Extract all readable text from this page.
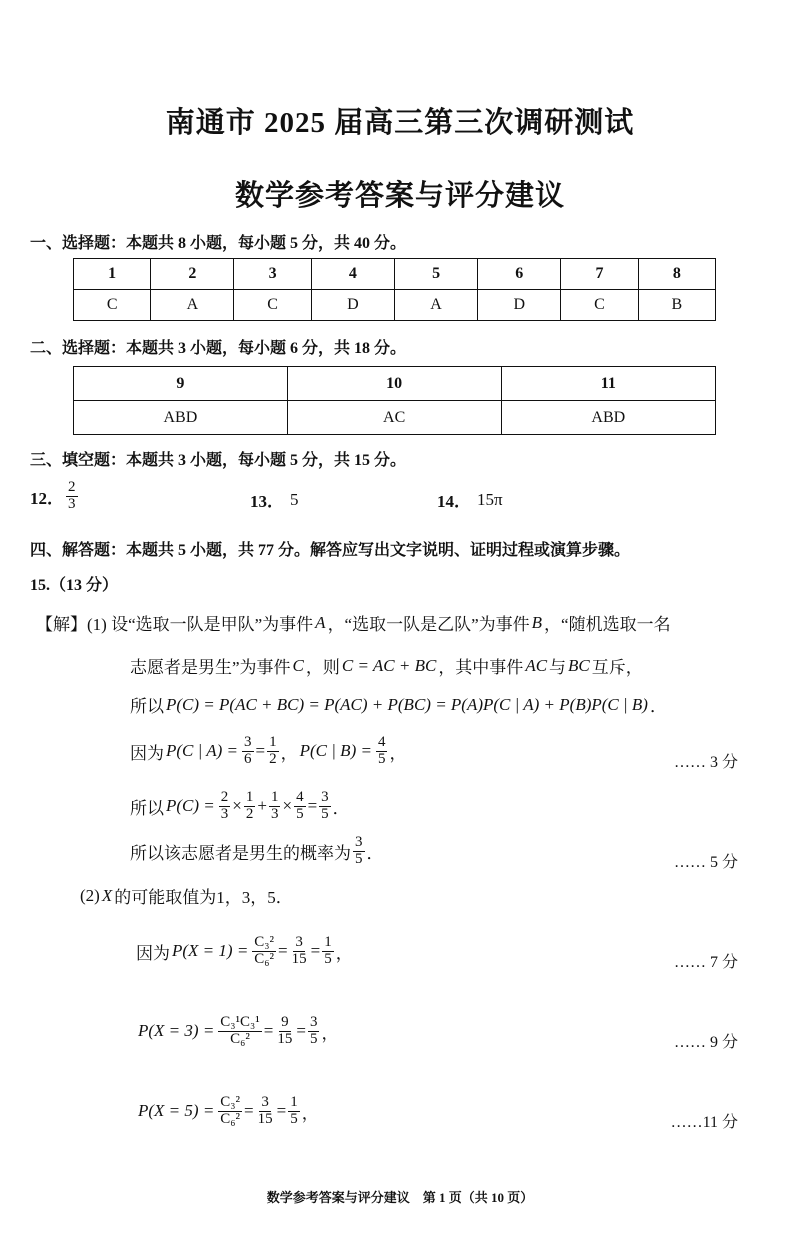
南通市 2025 届高三第三次调研测试
数学参考答案与评分建议
一、选择题：本题共 8 小题，每小题 5 分，共 40 分。
1	2	3	4	5	6	7	8
C	A	C	D	A	D	C	B
二、选择题：本题共 3 小题，每小题 6 分，共 18 分。
9	10	11
ABD	AC	ABD
三、填空题：本题共 3 小题，每小题 5 分，共 15 分。
12． $\frac{2}{3}$	13． 5	14． 15π
四、解答题：本题共 5 小题，共 77 分。解答应写出文字说明、证明过程或演算步骤。
15.（13 分）
【解】(1) 设“选取一队是甲队”为事件 A ，“选取一队是乙队”为事件 B ，“随机选取一名
志愿者是男生”为事件 C ，则 C = AC + BC ，其中事件 AC 与 BC 互斥，
所以 P(C) = P(AC + BC) = P(AC) + P(BC) = P(A)P(C | A) + P(B)P(C | B) ．
因为 P(C | $A) = \frac{3}{6} = \frac{1}{2}$ ， P(C | $B) = \frac{4}{5}$ ，	…… 3 分
所以 $P(C) = \frac{2}{3} \times \frac{1}{2} + \frac{1}{3} \times \frac{4}{5} = \frac{3}{5}$ ．
所以该志愿者是男生的概率为 $\frac{3}{5}$ ．	…… 5 分
(2) X 的可能取值为1，3，5．
因为 $P(X = 1) = \frac{\text{C₃²}}{\text{C₆²}} = \frac{3}{15} = \frac{1}{5}$ ，	…… 7 分
$P(X = 3) = \frac{\text{C₃¹C₃¹}}{\text{C₆²}} = \frac{9}{15} = \frac{3}{5}$ ，	…… 9 分
$P(X = 5) = \frac{\text{C₃²}}{\text{C₆²}} = \frac{3}{15} = \frac{1}{5}$ ，	……11 分
数学参考答案与评分建议　第 1 页（共 10 页）
